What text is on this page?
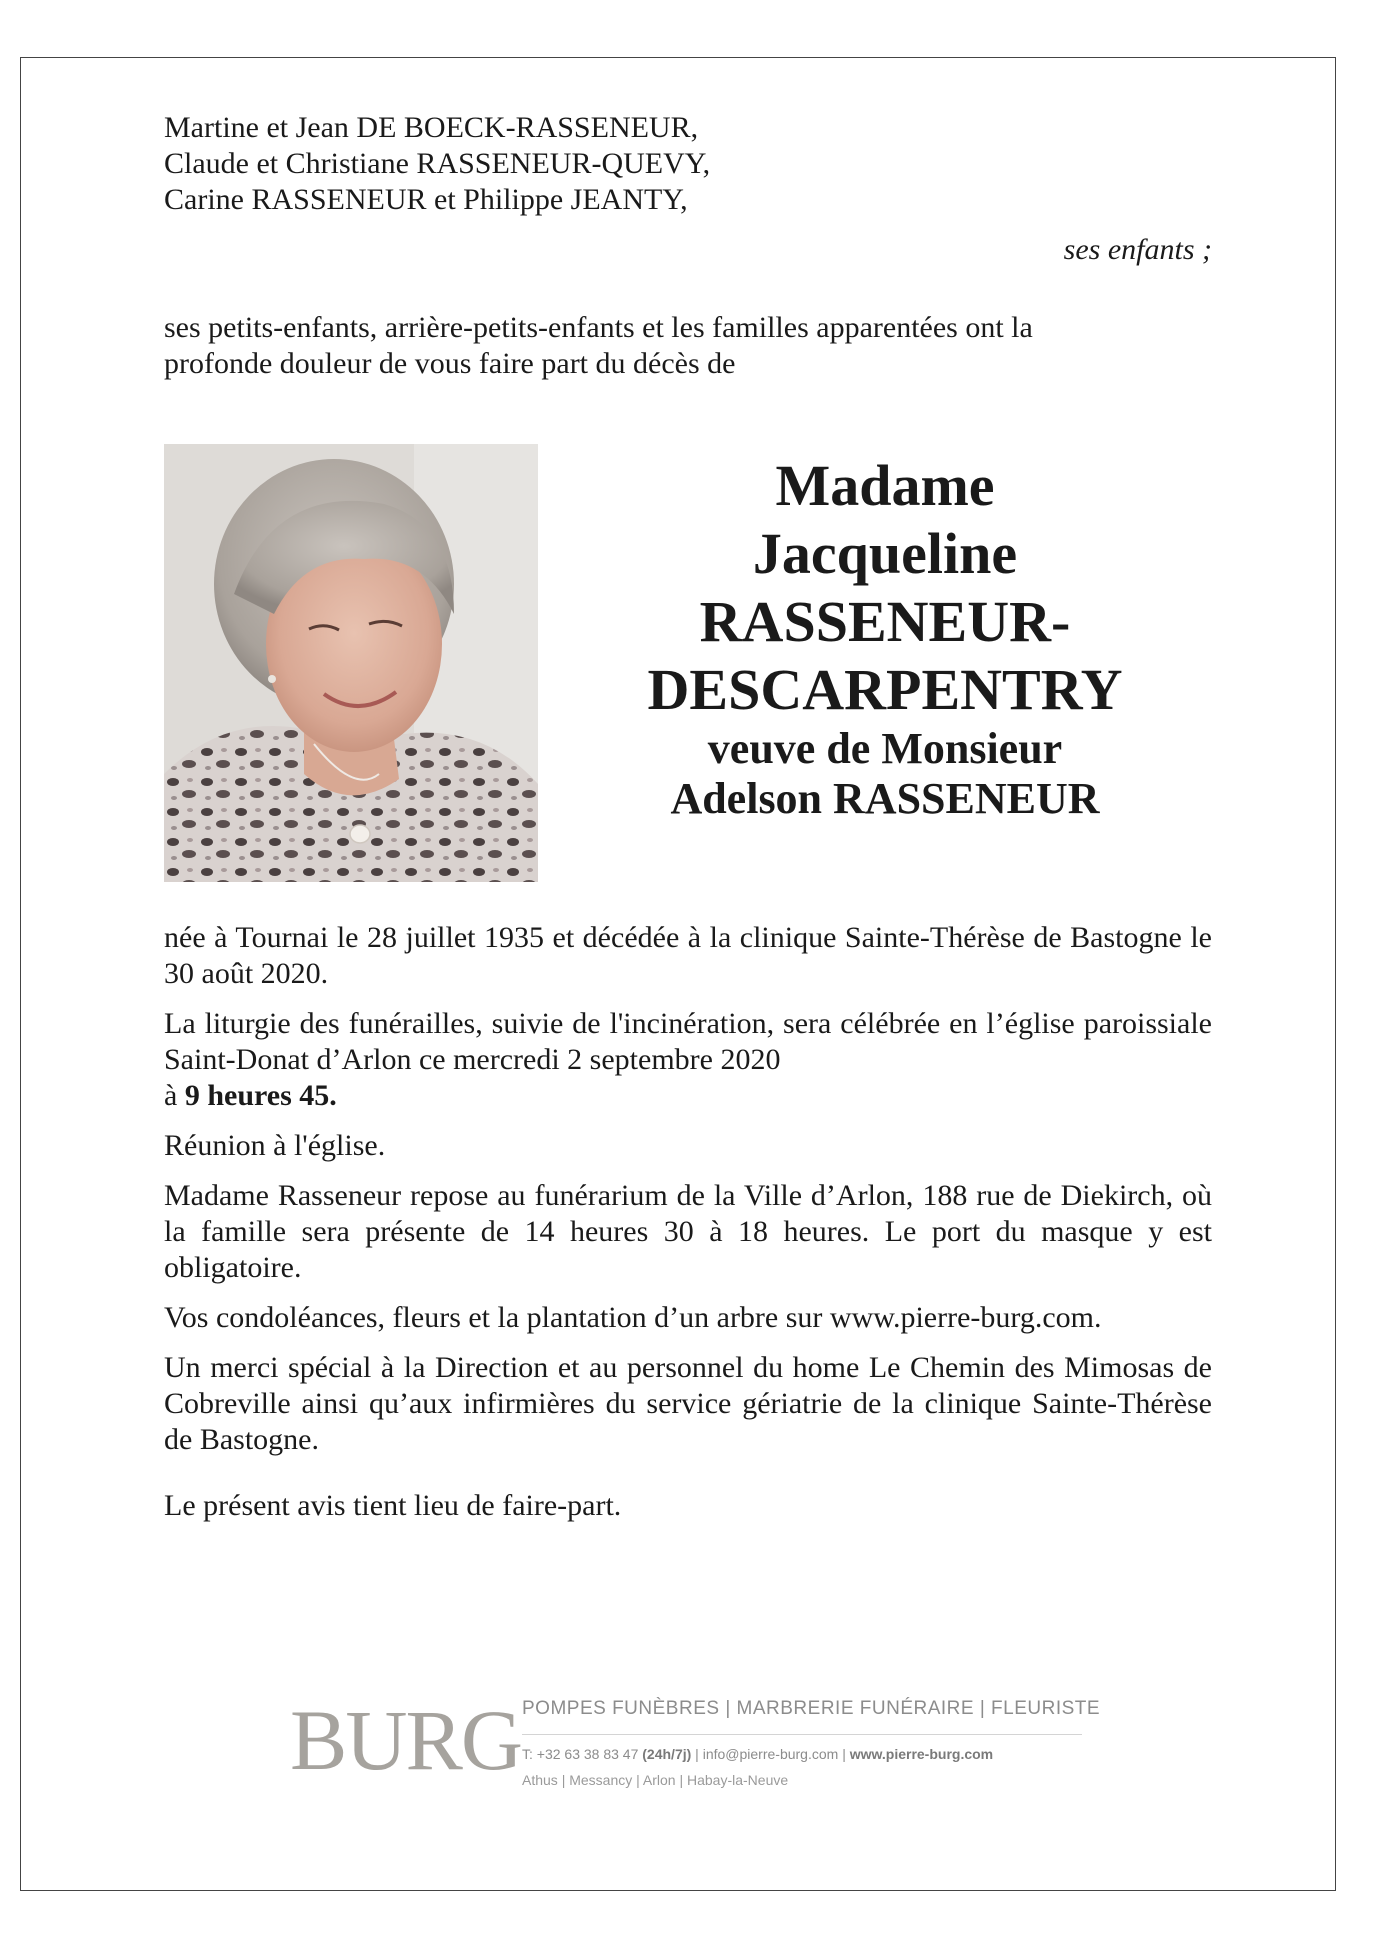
Martine et Jean DE BOECK-RASSENEUR,
Claude et Christiane RASSENEUR-QUEVY,
Carine RASSENEUR et Philippe JEANTY,
ses enfants ;
ses petits-enfants, arrière-petits-enfants et les familles apparentées ont la
profonde douleur de vous faire part du décès de
Madame
Jacqueline
RASSENEUR-
DESCARPENTRY
veuve de Monsieur
Adelson RASSENEUR

née à Tournai le 28 juillet 1935 et décédée à la clinique Sainte-Thérèse de Bastogne le 30 août 2020.

La liturgie des funérailles, suivie de l'incinération, sera célébrée en l’église paroissiale Saint-Donat d’Arlon ce mercredi 2 septembre 2020

à 9 heures 45.

Réunion à l'église.

Madame Rasseneur repose au funérarium de la Ville d’Arlon, 188 rue de Diekirch, où la famille sera présente de 14 heures 30 à 18 heures. Le port du masque y est obligatoire.

Vos condoléances, fleurs et la plantation d’un arbre sur www.pierre-burg.com.

Un merci spécial à la Direction et au personnel du home Le Chemin des Mimosas de Cobreville ainsi qu’aux infirmières du service gériatrie de la clinique Sainte-Thérèse de Bastogne.

Le présent avis tient lieu de faire-part.

BURG POMPES FUNÈBRES | MARBRERIE FUNÉRAIRE | FLEURISTE
T: +32 63 38 83 47 (24h/7j) | info@pierre-burg.com | www.pierre-burg.com
Athus | Messancy | Arlon | Habay-la-Neuve
